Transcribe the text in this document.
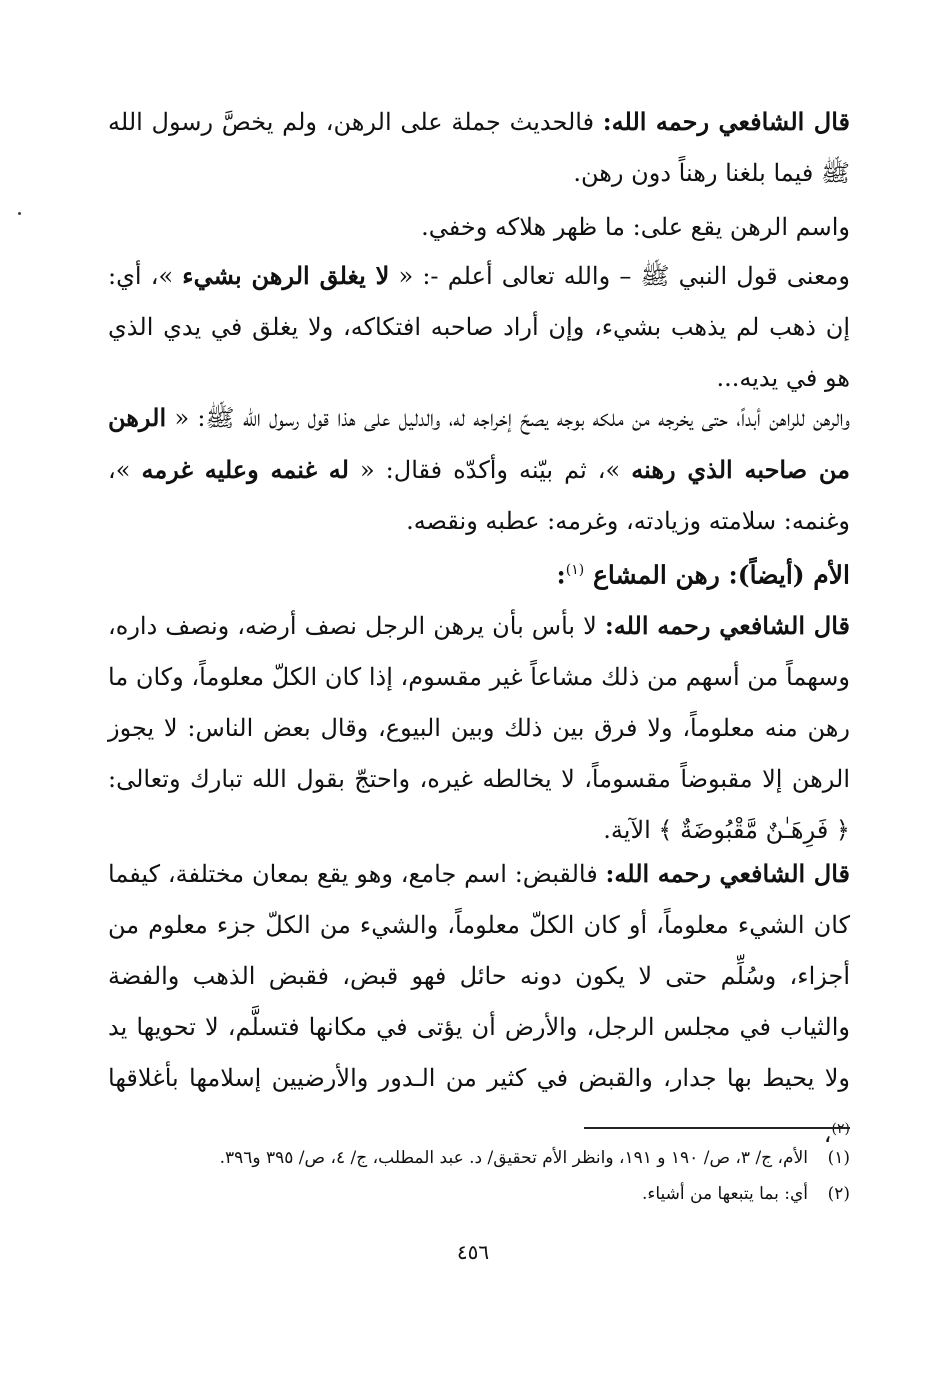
قال الشافعي رحمه الله: فالحديث جملة على الرهن، ولم يخصَّ رسول الله ﷺ فيما بلغنا رهناً دون رهن.

واسم الرهن يقع على: ما ظهر هلاكه وخفي.

ومعنى قول النبي ﷺ – والله تعالى أعلم -: « لا يغلق الرهن بشيء »، أي: إن ذهب لم يذهب بشيء، وإن أراد صاحبه افتكاكه، ولا يغلق في يدي الذي هو في يديه...

والرهن للراهن أبداً، حتى يخرجه من ملكه بوجه يصحّ إخراجه له، والدليل على هذا قول رسول الله ﷺ: « الرهن من صاحبه الذي رهنه »، ثم بيّنه وأكدّه فقال: « له غنمه وعليه غرمه »، وغنمه: سلامته وزيادته، وغرمه: عطبه ونقصه.

الأم (أيضاً): رهن المشاع $^{(١)}$:

قال الشافعي رحمه الله: لا بأس بأن يرهن الرجل نصف أرضه، ونصف داره، وسهماً من أسهم من ذلك مشاعاً غير مقسوم، إذا كان الكلّ معلوماً، وكان ما رهن منه معلوماً، ولا فرق بين ذلك وبين البيوع، وقال بعض الناس: لا يجوز الرهن إلا مقبوضاً مقسوماً، لا يخالطه غيره، واحتجّ بقول الله تبارك وتعالى: ﴿ فَرِهَـٰنٌ مَّقْبُوضَةٌ ﴾ الآية.

قال الشافعي رحمه الله: فالقبض: اسم جامع، وهو يقع بمعان مختلفة، كيفما كان الشيء معلوماً، أو كان الكلّ معلوماً، والشيء من الكلّ جزء معلوم من أجزاء، وسُلِّم حتى لا يكون دونه حائل فهو قبض، فقبض الذهب والفضة والثياب في مجلس الرجل، والأرض أن يؤتى في مكانها فتسلَّم، لا تحويها يد ولا يحيط بها جدار، والقبض في كثير من الـدور والأرضيين إسلامها بأغلاقها $^{(٢)}$،

(١)الأم، ج/ ٣، ص/ ١٩٠ و ١٩١، وانظر الأم تحقيق/ د. عبد المطلب، ج/ ٤، ص/ ٣٩٥ و٣٩٦.
(٢)أي: بما يتبعها من أشياء.
٤٥٦
